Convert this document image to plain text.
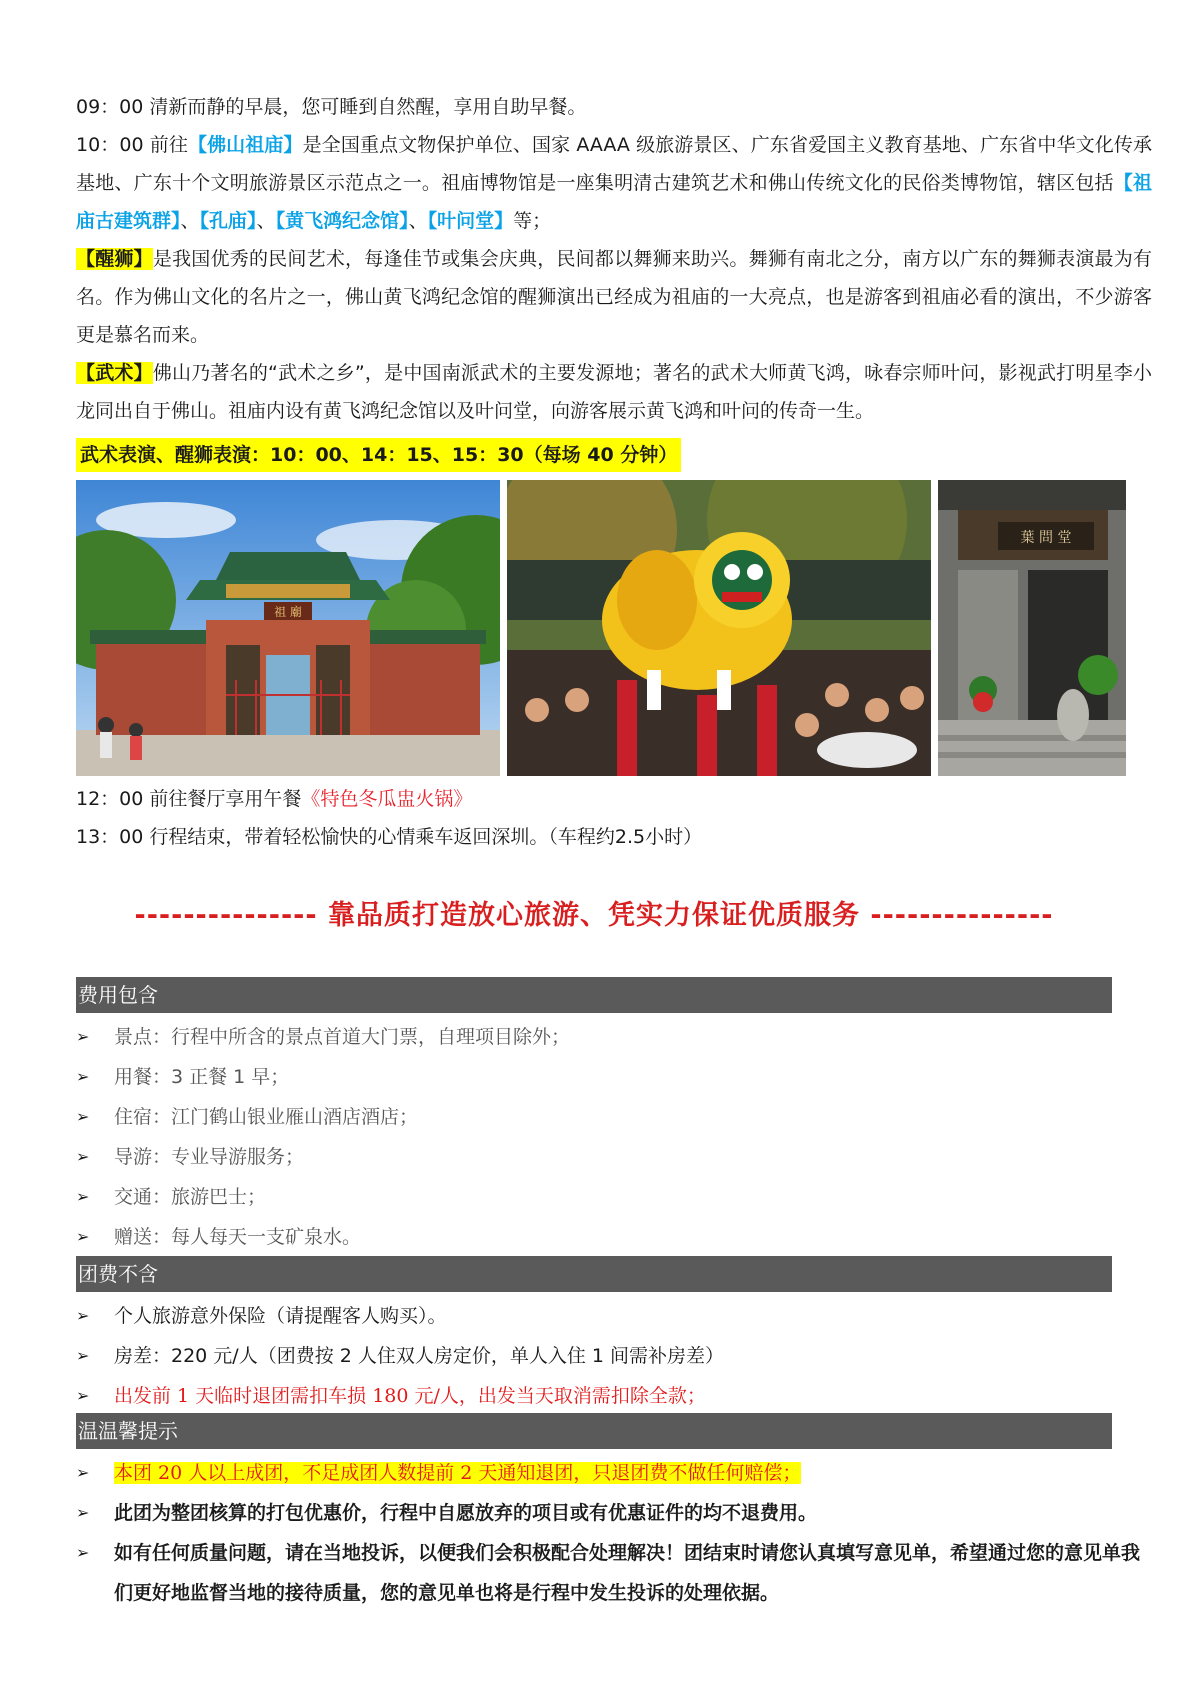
09：00 清新而静的早晨，您可睡到自然醒，享用自助早餐。
10：00 前往【佛山祖庙】是全国重点文物保护单位、国家 AAAA 级旅游景区、广东省爱国主义教育基地、广东省中华文化传承基地、广东十个文明旅游景区示范点之一。祖庙博物馆是一座集明清古建筑艺术和佛山传统文化的民俗类博物馆，辖区包括【祖庙古建筑群】、【孔庙】、【黄飞鸿纪念馆】、【叶问堂】等；
【醒狮】是我国优秀的民间艺术，每逢佳节或集会庆典，民间都以舞狮来助兴。舞狮有南北之分，南方以广东的舞狮表演最为有名。作为佛山文化的名片之一，佛山黄飞鸿纪念馆的醒狮演出已经成为祖庙的一大亮点，也是游客到祖庙必看的演出，不少游客更是慕名而来。
【武术】佛山乃著名的“武术之乡”，是中国南派武术的主要发源地；著名的武术大师黄飞鸿，咏春宗师叶问，影视武打明星李小龙同出自于佛山。祖庙内设有黄飞鸿纪念馆以及叶问堂，向游客展示黄飞鸿和叶问的传奇一生。
武术表演、醒狮表演：10：00、14：15、15：30（每场 40 分钟）
祖 廟
葉 問 堂
12：00 前往餐厅享用午餐《特色冬瓜盅火锅》
13：00 行程结束，带着轻松愉快的心情乘车返回深圳。（车程约2.5小时）
--------------- 靠品质打造放心旅游、凭实力保证优质服务 ---------------
费用包含
➢ 景点：行程中所含的景点首道大门票，自理项目除外；
➢ 用餐：3 正餐 1 早；
➢ 住宿：江门鹤山银业雁山酒店酒店；
➢ 导游：专业导游服务；
➢ 交通：旅游巴士；
➢ 赠送：每人每天一支矿泉水。
团费不含
➢ 个人旅游意外保险（请提醒客人购买）。
➢ 房差：220 元/人（团费按 2 人住双人房定价，单人入住 1 间需补房差）
➢ 出发前 1 天临时退团需扣车损 180 元/人，出发当天取消需扣除全款；
温温馨提示
➢ 本团 20 人以上成团，不足成团人数提前 2 天通知退团，只退团费不做任何赔偿；
➢ 此团为整团核算的打包优惠价，行程中自愿放弃的项目或有优惠证件的均不退费用。
➢ 如有任何质量问题，请在当地投诉，以便我们会积极配合处理解决！团结束时请您认真填写意见单，希望通过您的意见单我们更好地监督当地的接待质量，您的意见单也将是行程中发生投诉的处理依据。
